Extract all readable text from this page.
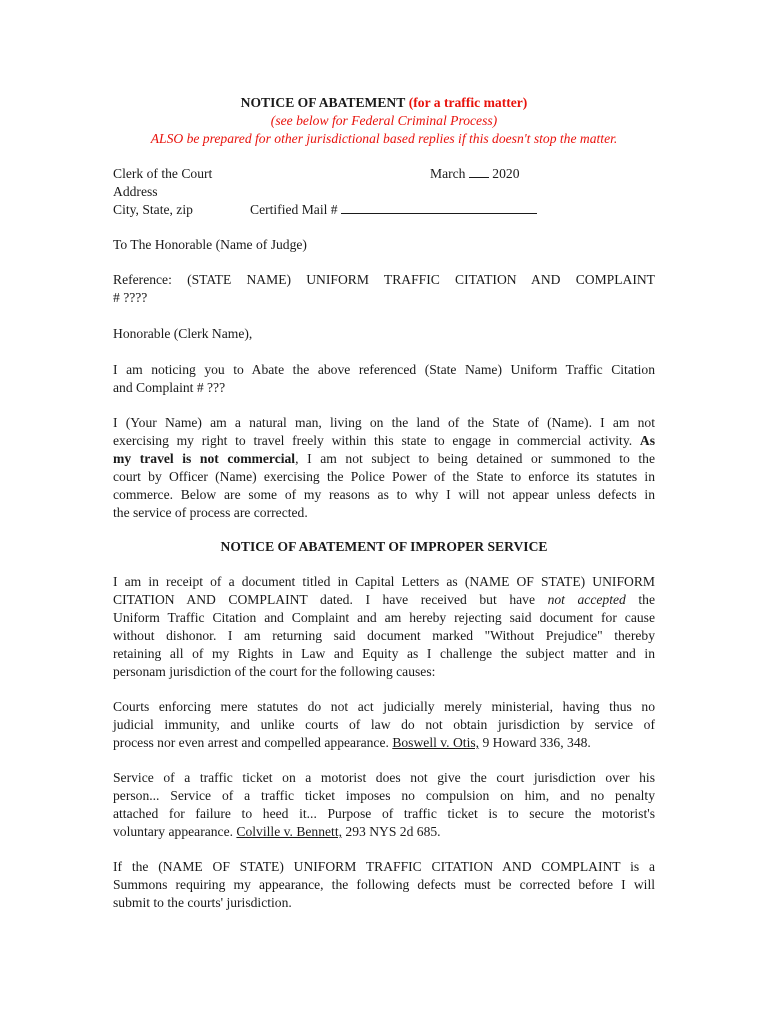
NOTICE OF ABATEMENT (for a traffic matter)
(see below for Federal Criminal Process)
ALSO be prepared for other jurisdictional based replies if this doesn't stop the matter.
Clerk of the Court	March 2020
Address
City, State, zip	Certified Mail #
To The Honorable (Name of Judge)
Reference: (STATE NAME) UNIFORM TRAFFIC CITATION AND COMPLAINT
# ????
Honorable (Clerk Name),
I am noticing you to Abate the above referenced (State Name) Uniform Traffic Citation
and Complaint # ???
I (Your Name) am a natural man, living on the land of the State of (Name). I am not
exercising my right to travel freely within this state to engage in commercial activity. As
my travel is not commercial, I am not subject to being detained or summoned to the
court by Officer (Name) exercising the Police Power of the State to enforce its statutes in
commerce. Below are some of my reasons as to why I will not appear unless defects in
the service of process are corrected.
NOTICE OF ABATEMENT OF IMPROPER SERVICE
I am in receipt of a document titled in Capital Letters as (NAME OF STATE) UNIFORM
CITATION AND COMPLAINT dated. I have received but have not accepted the
Uniform Traffic Citation and Complaint and am hereby rejecting said document for cause
without dishonor. I am returning said document marked "Without Prejudice" thereby
retaining all of my Rights in Law and Equity as I challenge the subject matter and in
personam jurisdiction of the court for the following causes:
Courts enforcing mere statutes do not act judicially merely ministerial, having thus no
judicial immunity, and unlike courts of law do not obtain jurisdiction by service of
process nor even arrest and compelled appearance. Boswell v. Otis, 9 Howard 336, 348.
Service of a traffic ticket on a motorist does not give the court jurisdiction over his
person... Service of a traffic ticket imposes no compulsion on him, and no penalty
attached for failure to heed it... Purpose of traffic ticket is to secure the motorist's
voluntary appearance. Colville v. Bennett, 293 NYS 2d 685.
If the (NAME OF STATE) UNIFORM TRAFFIC CITATION AND COMPLAINT is a
Summons requiring my appearance, the following defects must be corrected before I will
submit to the courts' jurisdiction.
